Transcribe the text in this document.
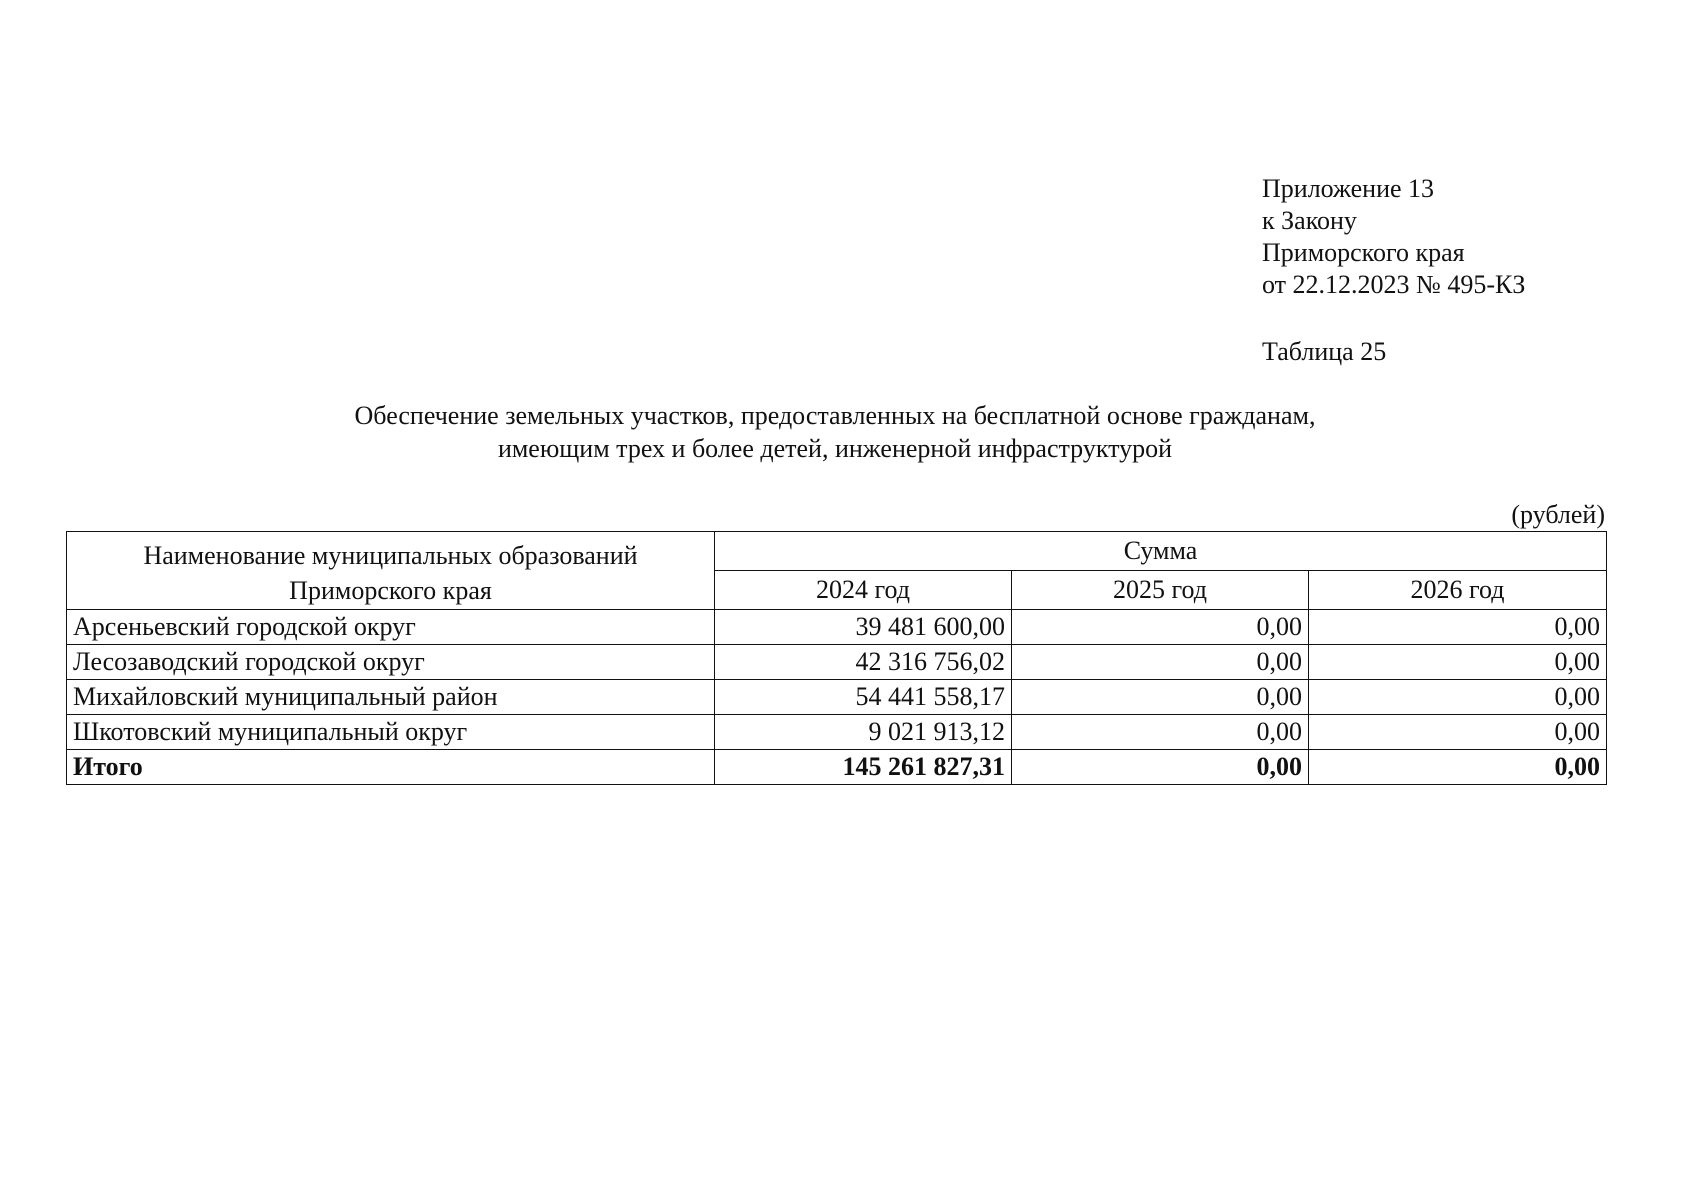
Приложение 13
к Закону
Приморского края
от 22.12.2023 № 495-КЗ
Таблица 25
Обеспечение земельных участков, предоставленных на бесплатной основе гражданам,
имеющим трех и более детей, инженерной инфраструктурой
(рублей)
Наименование муниципальных образований Приморского края	Сумма		
	2024 год	2025 год	2026 год
Арсеньевский городской округ	39 481 600,00	0,00	0,00
Лесозаводский городской округ	42 316 756,02	0,00	0,00
Михайловский муниципальный район	54 441 558,17	0,00	0,00
Шкотовский муниципальный округ	9 021 913,12	0,00	0,00
Итого	145 261 827,31	0,00	0,00
